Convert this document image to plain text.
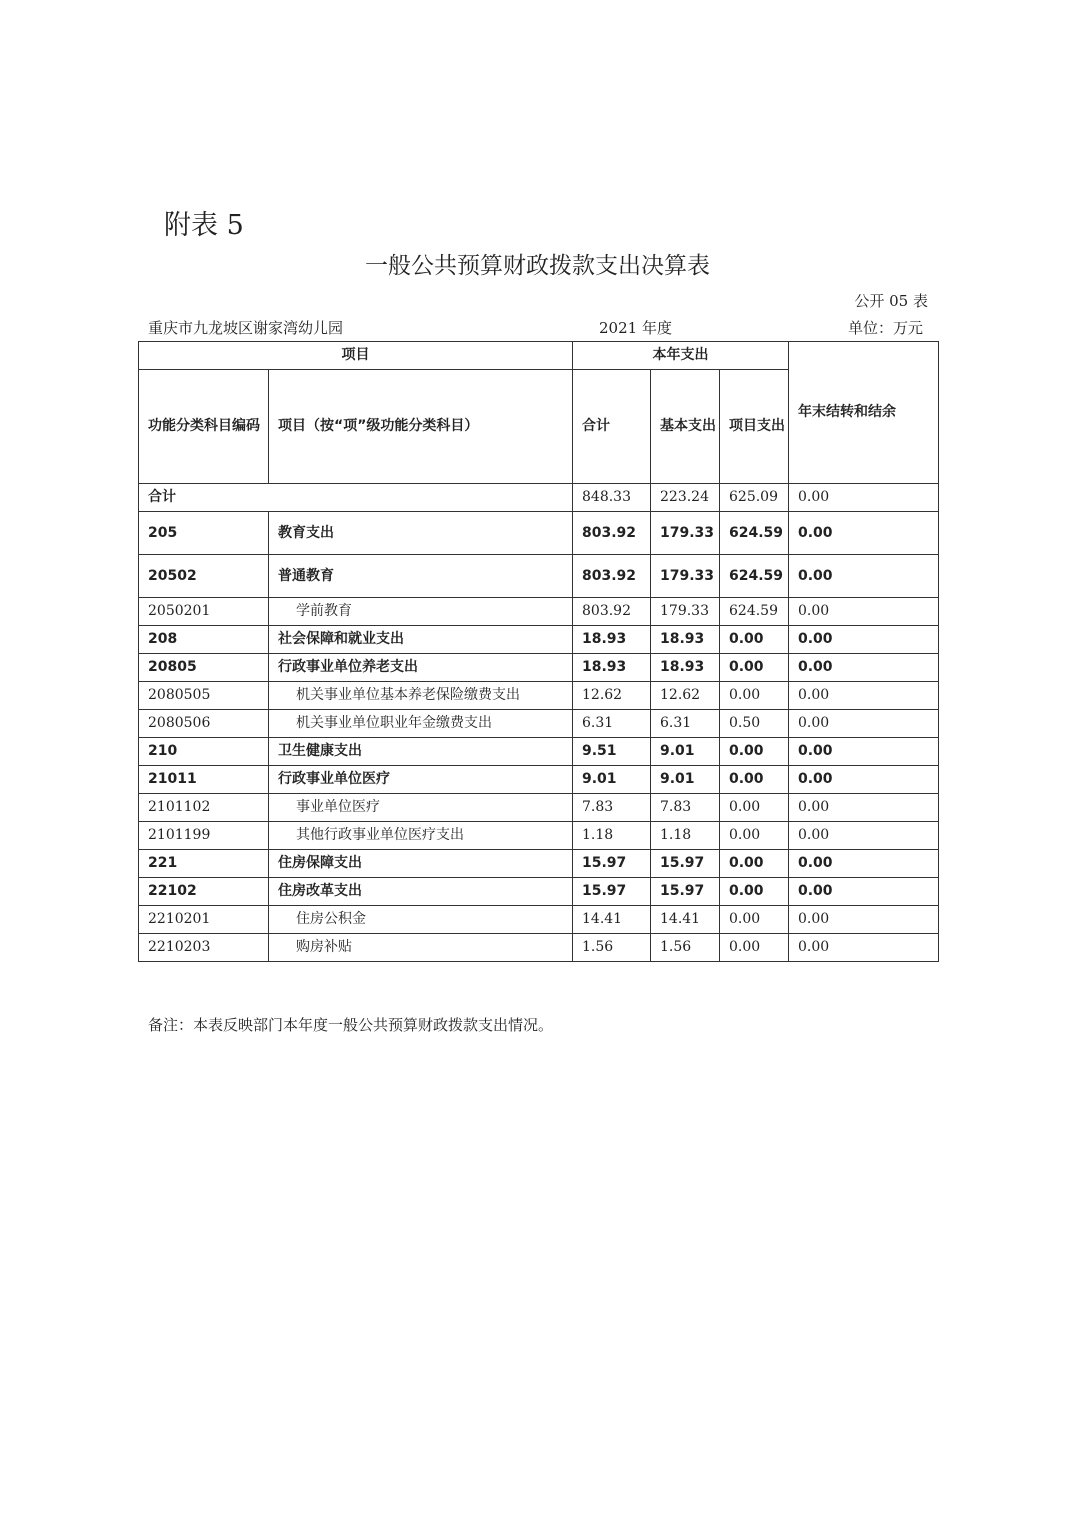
附表 5
一般公共预算财政拨款支出决算表
公开 05 表
重庆市九龙坡区谢家湾幼儿园	2021 年度	单位：万元
项目		本年支出			年末结转和结余
功能分类科目编码	项目（按“项”级功能分类科目）	合计	基本支出	项目支出	
合计		848.33	223.24	625.09	0.00
205	教育支出	803.92	179.33	624.59	0.00
20502	普通教育	803.92	179.33	624.59	0.00
2050201	学前教育	803.92	179.33	624.59	0.00
208	社会保障和就业支出	18.93	18.93	0.00	0.00
20805	行政事业单位养老支出	18.93	18.93	0.00	0.00
2080505	机关事业单位基本养老保险缴费支出	12.62	12.62	0.00	0.00
2080506	机关事业单位职业年金缴费支出	6.31	6.31	0.50	0.00
210	卫生健康支出	9.51	9.01	0.00	0.00
21011	行政事业单位医疗	9.01	9.01	0.00	0.00
2101102	事业单位医疗	7.83	7.83	0.00	0.00
2101199	其他行政事业单位医疗支出	1.18	1.18	0.00	0.00
221	住房保障支出	15.97	15.97	0.00	0.00
22102	住房改革支出	15.97	15.97	0.00	0.00
2210201	住房公积金	14.41	14.41	0.00	0.00
2210203	购房补贴	1.56	1.56	0.00	0.00
备注：本表反映部门本年度一般公共预算财政拨款支出情况。
